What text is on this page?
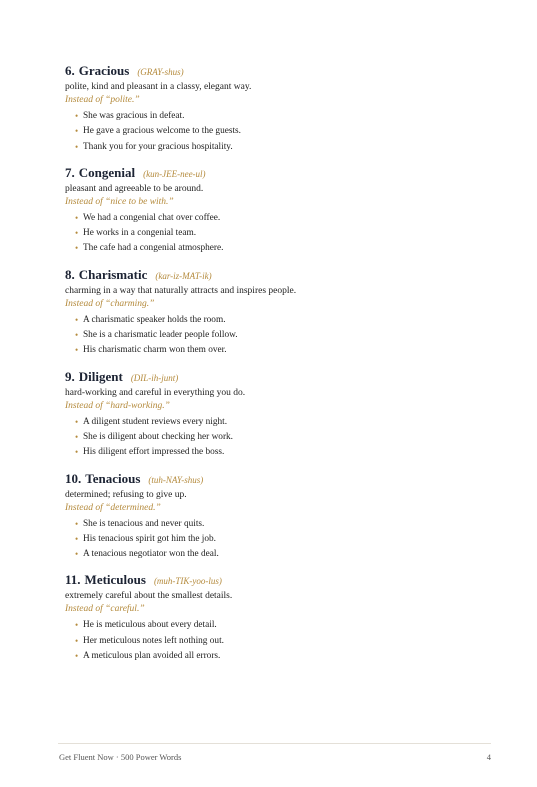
6. Gracious (GRAY-shus)
polite, kind and pleasant in a classy, elegant way.
Instead of “polite.”
• She was gracious in defeat.
• He gave a gracious welcome to the guests.
• Thank you for your gracious hospitality.
7. Congenial (kun-JEE-nee-ul)
pleasant and agreeable to be around.
Instead of “nice to be with.”
• We had a congenial chat over coffee.
• He works in a congenial team.
• The cafe had a congenial atmosphere.
8. Charismatic (kar-iz-MAT-ik)
charming in a way that naturally attracts and inspires people.
Instead of “charming.”
• A charismatic speaker holds the room.
• She is a charismatic leader people follow.
• His charismatic charm won them over.
9. Diligent (DIL-ih-junt)
hard-working and careful in everything you do.
Instead of “hard-working.”
• A diligent student reviews every night.
• She is diligent about checking her work.
• His diligent effort impressed the boss.
10. Tenacious (tuh-NAY-shus)
determined; refusing to give up.
Instead of “determined.”
• She is tenacious and never quits.
• His tenacious spirit got him the job.
• A tenacious negotiator won the deal.
11. Meticulous (muh-TIK-yoo-lus)
extremely careful about the smallest details.
Instead of “careful.”
• He is meticulous about every detail.
• Her meticulous notes left nothing out.
• A meticulous plan avoided all errors.
Get Fluent Now · 500 Power Words	4
